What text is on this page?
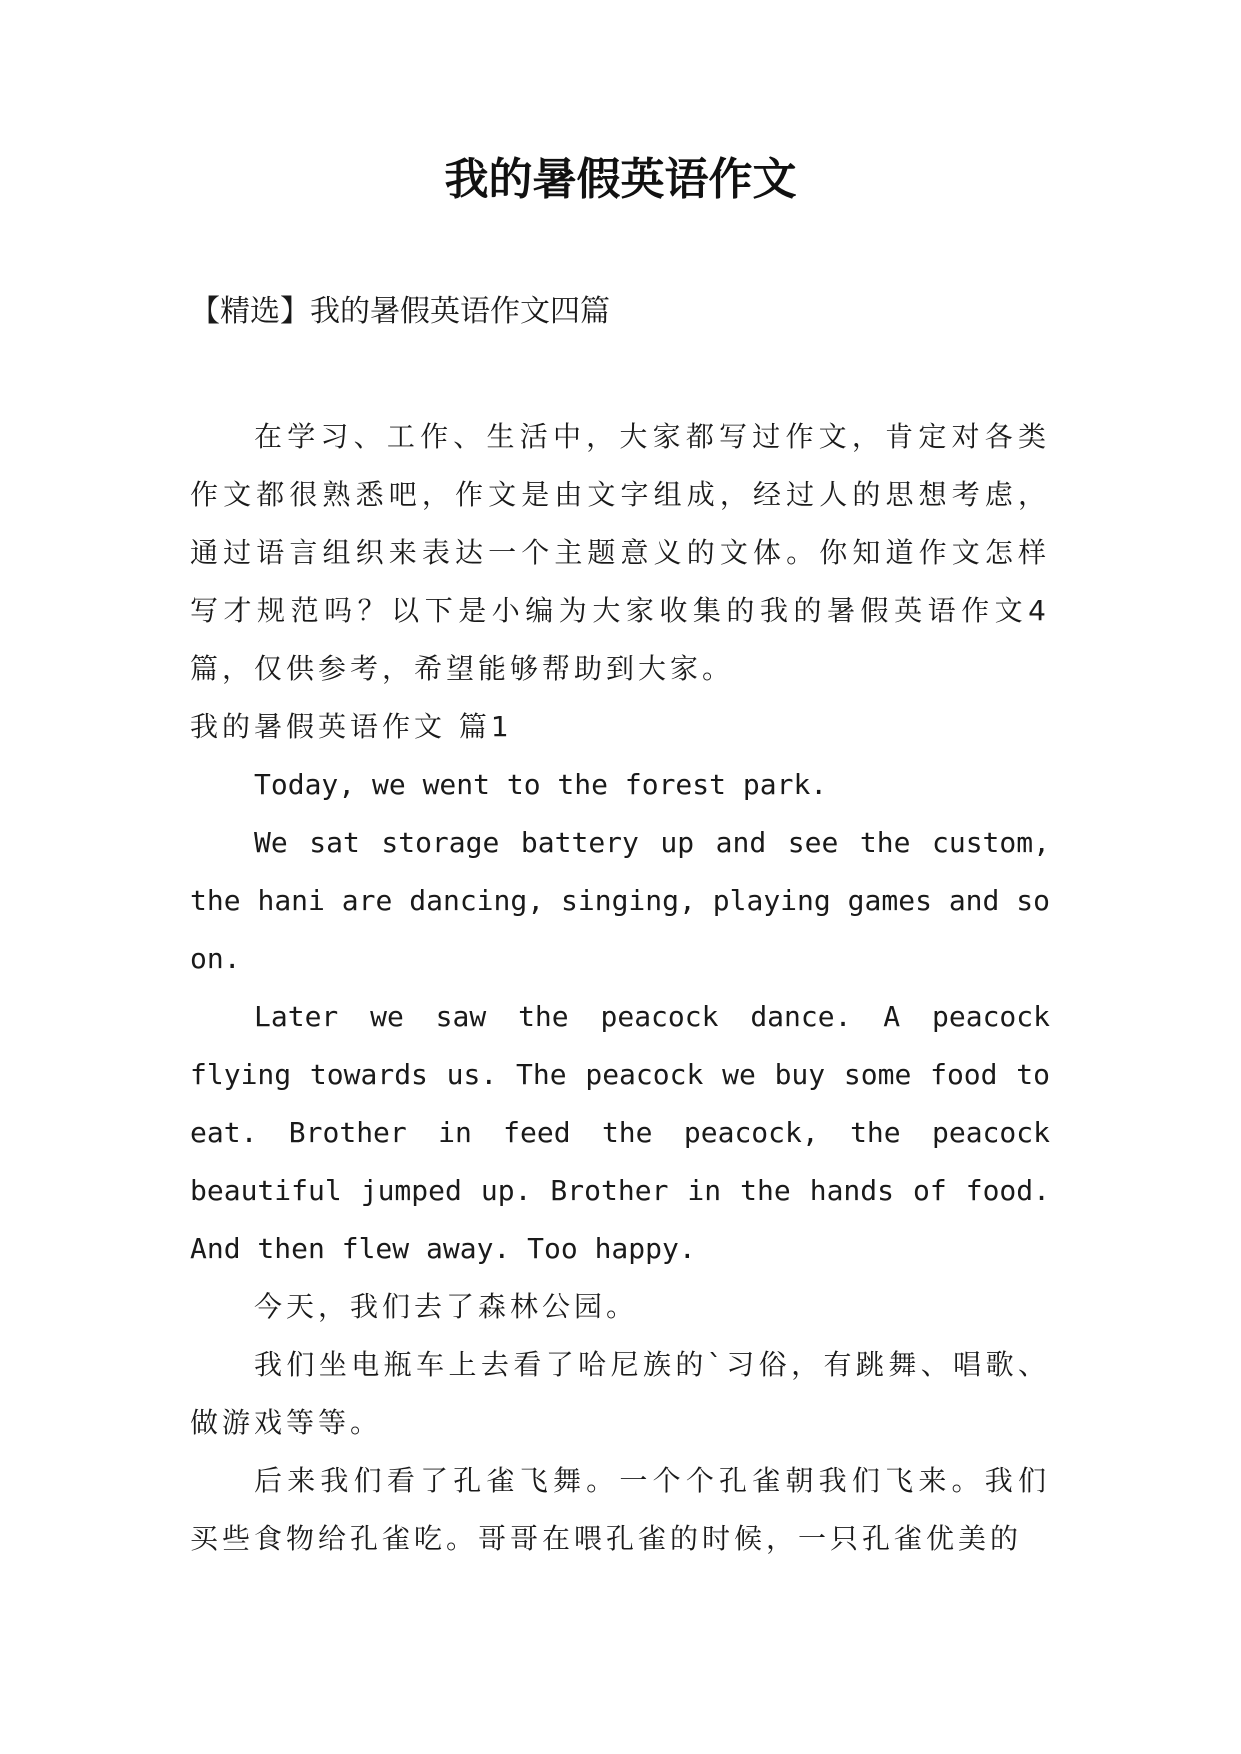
我的暑假英语作文
【精选】我的暑假英语作文四篇

在学习、工作、生活中，大家都写过作文，肯定对各类作文都很熟悉吧，作文是由文字组成，经过人的思想考虑，通过语言组织来表达一个主题意义的文体。你知道作文怎样写才规范吗？以下是小编为大家收集的我的暑假英语作文4篇，仅供参考，希望能够帮助到大家。

我的暑假英语作文 篇1

Today, we went to the forest park.

We sat storage battery up and see the custom, the hani are dancing, singing, playing games and so on.

Later we saw the peacock dance. A peacock flying towards us. The peacock we buy some food to eat. Brother in feed the peacock, the peacock beautiful jumped up. Brother in the hands of food. And then flew away. Too happy.

今天，我们去了森林公园。

我们坐电瓶车上去看了哈尼族的`习俗，有跳舞、唱歌、做游戏等等。

后来我们看了孔雀飞舞。一个个孔雀朝我们飞来。我们买些食物给孔雀吃。哥哥在喂孔雀的时候，一只孔雀优美的
